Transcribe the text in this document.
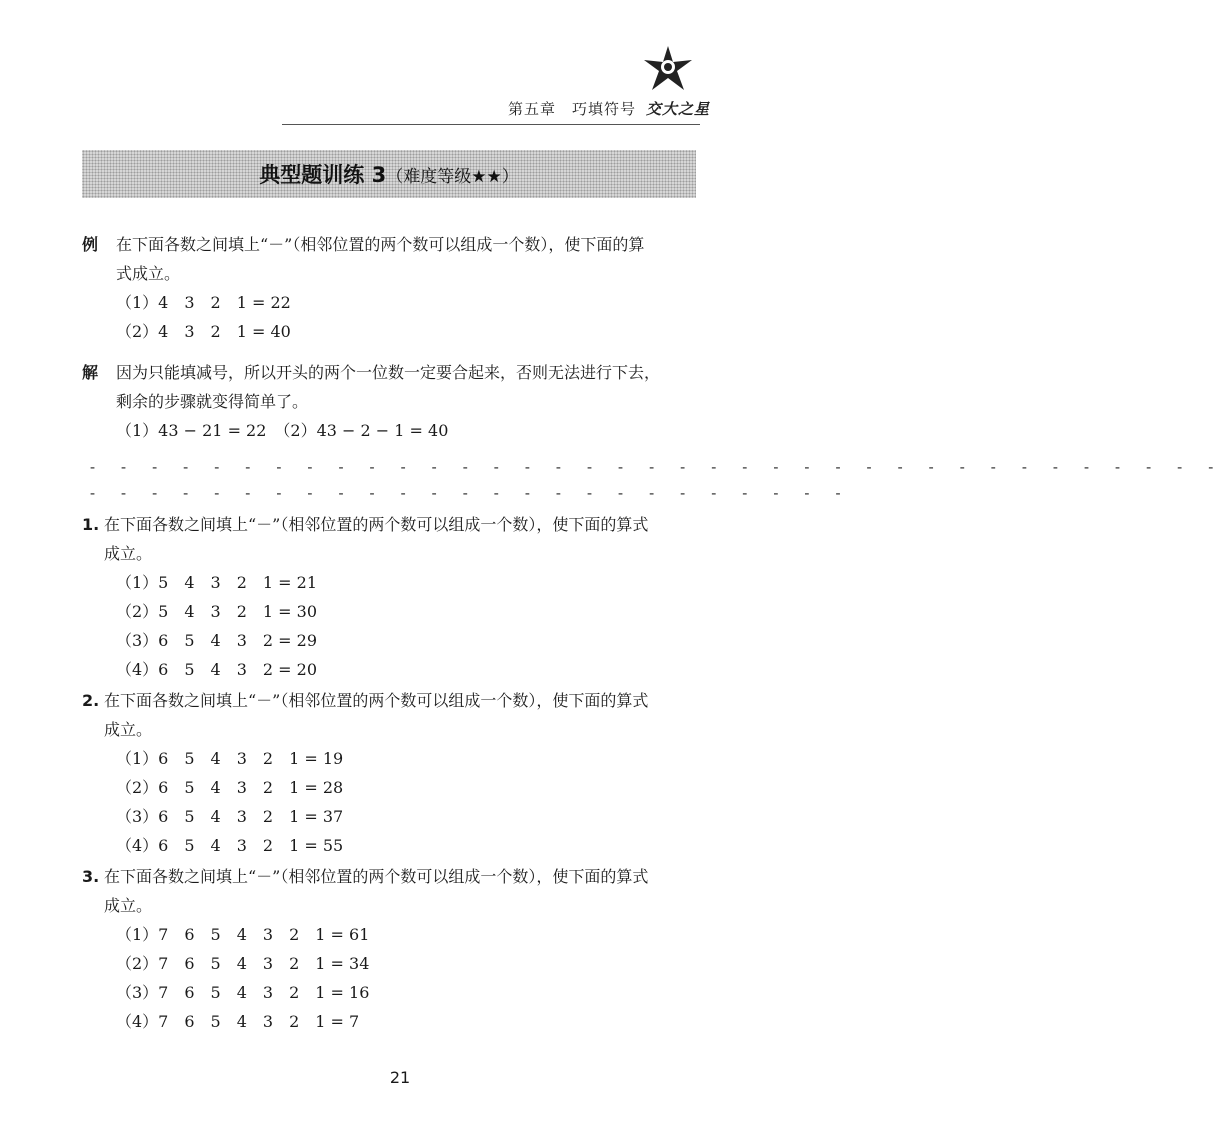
第五章　巧填符号 交大之星
典型题训练 3（难度等级★★）
例	在下面各数之间填上“－”（相邻位置的两个数可以组成一个数），使下面的算
式成立。
（1）4　3　2　1 = 22
（2）4　3　2　1 = 40
解	因为只能填减号，所以开头的两个一位数一定要合起来，否则无法进行下去，
剩余的步骤就变得简单了。
（1）43 − 21 = 22　（2）43 − 2 − 1 = 40
- - - - - - - - - - - - - - - - - - - - - - - - - - - - - - - - - - - - -
- - - - - - - - - - - - - - - - - - - - - - - - -
1. 在下面各数之间填上“－”（相邻位置的两个数可以组成一个数），使下面的算式
成立。
（1）5　4　3　2　1 = 21
（2）5　4　3　2　1 = 30
（3）6　5　4　3　2 = 29
（4）6　5　4　3　2 = 20
2. 在下面各数之间填上“－”（相邻位置的两个数可以组成一个数），使下面的算式
成立。
（1）6　5　4　3　2　1 = 19
（2）6　5　4　3　2　1 = 28
（3）6　5　4　3　2　1 = 37
（4）6　5　4　3　2　1 = 55
3. 在下面各数之间填上“－”（相邻位置的两个数可以组成一个数），使下面的算式
成立。
（1）7　6　5　4　3　2　1 = 61
（2）7　6　5　4　3　2　1 = 34
（3）7　6　5　4　3　2　1 = 16
（4）7　6　5　4　3　2　1 = 7
21
